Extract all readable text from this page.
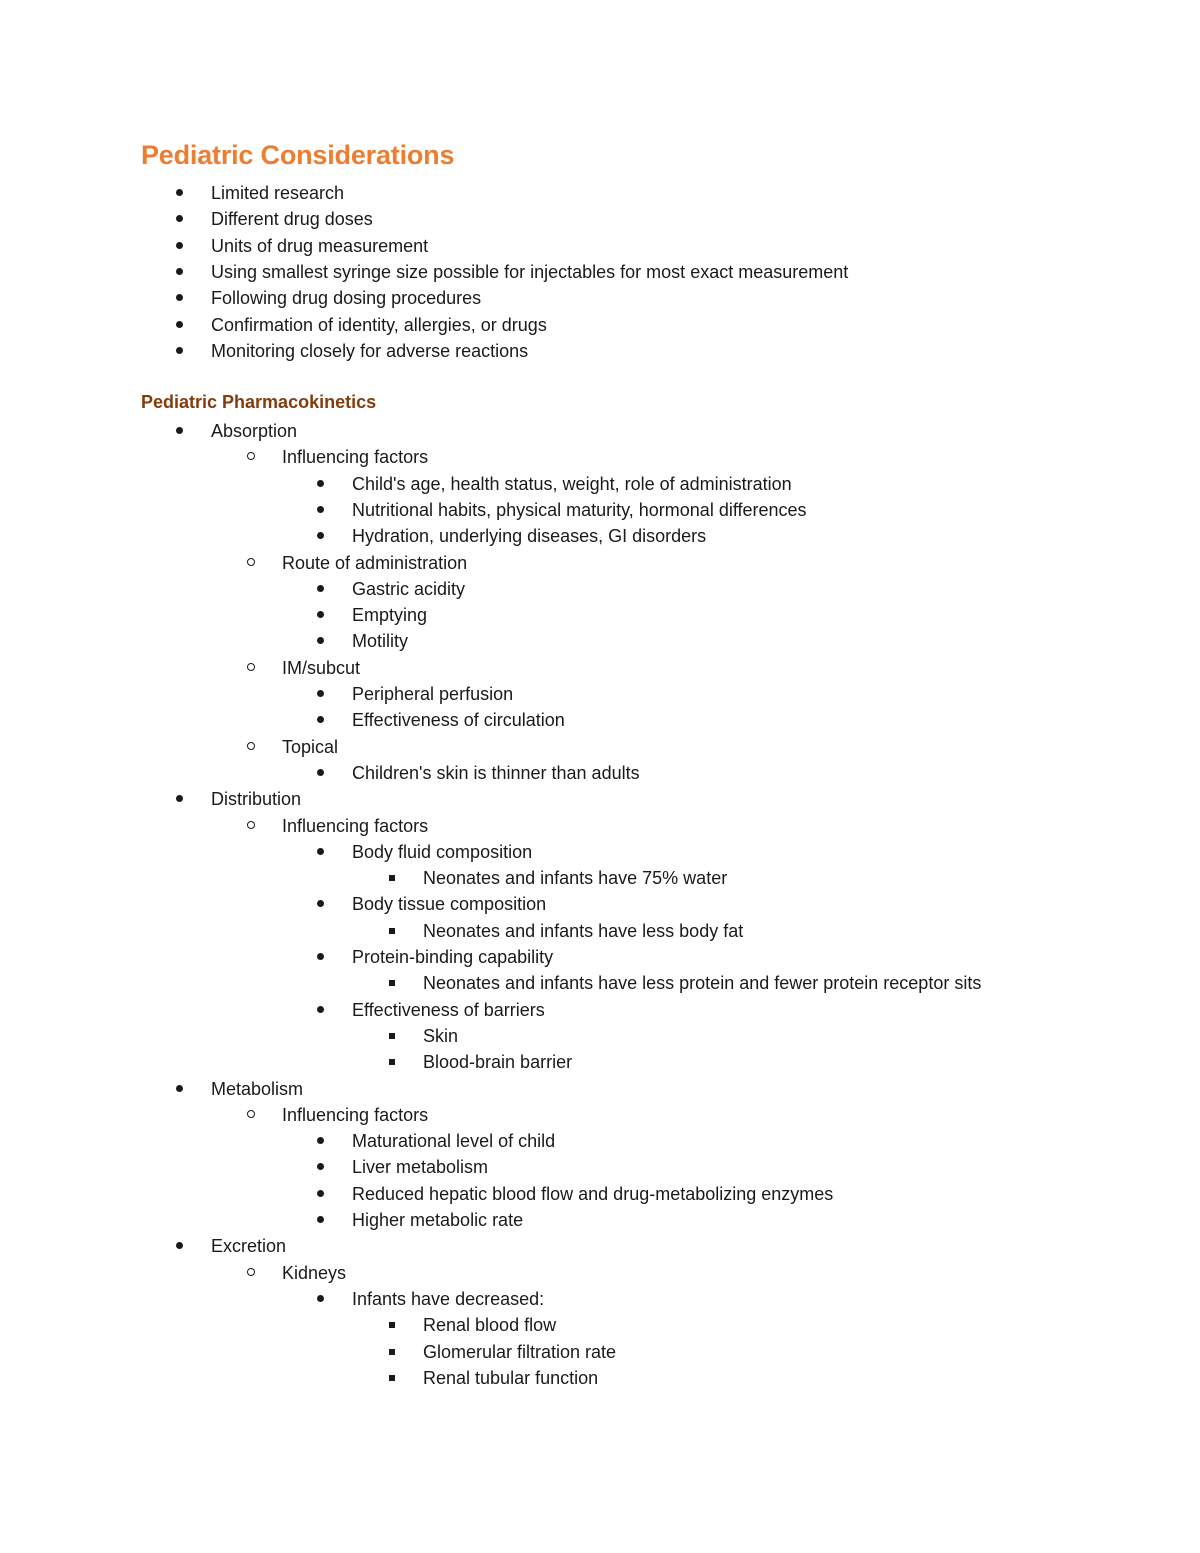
Pediatric Considerations
Limited research
Different drug doses
Units of drug measurement
Using smallest syringe size possible for injectables for most exact measurement
Following drug dosing procedures
Confirmation of identity, allergies, or drugs
Monitoring closely for adverse reactions
Pediatric Pharmacokinetics
Absorption
Influencing factors
Child's age, health status, weight, role of administration
Nutritional habits, physical maturity, hormonal differences
Hydration, underlying diseases, GI disorders
Route of administration
Gastric acidity
Emptying
Motility
IM/subcut
Peripheral perfusion
Effectiveness of circulation
Topical
Children's skin is thinner than adults
Distribution
Influencing factors
Body fluid composition
Neonates and infants have 75% water
Body tissue composition
Neonates and infants have less body fat
Protein-binding capability
Neonates and infants have less protein and fewer protein receptor sits
Effectiveness of barriers
Skin
Blood-brain barrier
Metabolism
Influencing factors
Maturational level of child
Liver metabolism
Reduced hepatic blood flow and drug-metabolizing enzymes
Higher metabolic rate
Excretion
Kidneys
Infants have decreased:
Renal blood flow
Glomerular filtration rate
Renal tubular function
